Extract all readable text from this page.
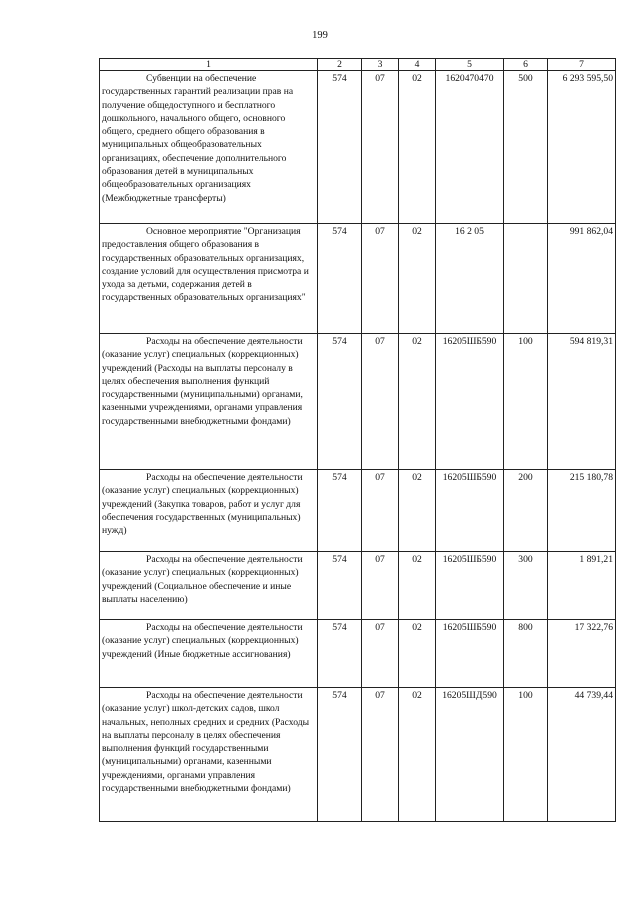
199
1	2	3	4	5	6	7
Субвенции на обеспечение государственных гарантий реализации прав на получение общедоступного и бесплатного дошкольного, начального общего, основного общего, среднего общего образования в муниципальных общеобразовательных организациях, обеспечение дополнительного образования детей в муниципальных общеобразовательных организациях (Межбюджетные трансферты)	574	07	02	1620470470	500	6 293 595,50
Основное мероприятие "Организация предоставления общего образования в государственных образовательных организациях, создание условий для осуществления присмотра и ухода за детьми, содержания детей в государственных образовательных организациях"	574	07	02	16 2 05		991 862,04
Расходы на обеспечение деятельности (оказание услуг) специальных (коррекционных) учреждений (Расходы на выплаты персоналу в целях обеспечения выполнения функций государственными (муниципальными) органами, казенными учреждениями, органами управления государственными внебюджетными фондами)	574	07	02	16205ШБ590	100	594 819,31
Расходы на обеспечение деятельности (оказание услуг) специальных (коррекционных) учреждений (Закупка товаров, работ и услуг для обеспечения государственных (муниципальных) нужд)	574	07	02	16205ШБ590	200	215 180,78
Расходы на обеспечение деятельности (оказание услуг) специальных (коррекционных) учреждений (Социальное обеспечение и иные выплаты населению)	574	07	02	16205ШБ590	300	1 891,21
Расходы на обеспечение деятельности (оказание услуг) специальных (коррекционных) учреждений (Иные бюджетные ассигнования)	574	07	02	16205ШБ590	800	17 322,76
Расходы на обеспечение деятельности (оказание услуг) школ-детских садов, школ начальных, неполных средних и средних (Расходы на выплаты персоналу в целях обеспечения выполнения функций государственными (муниципальными) органами, казенными учреждениями, органами управления государственными внебюджетными фондами)	574	07	02	16205ШД590	100	44 739,44
